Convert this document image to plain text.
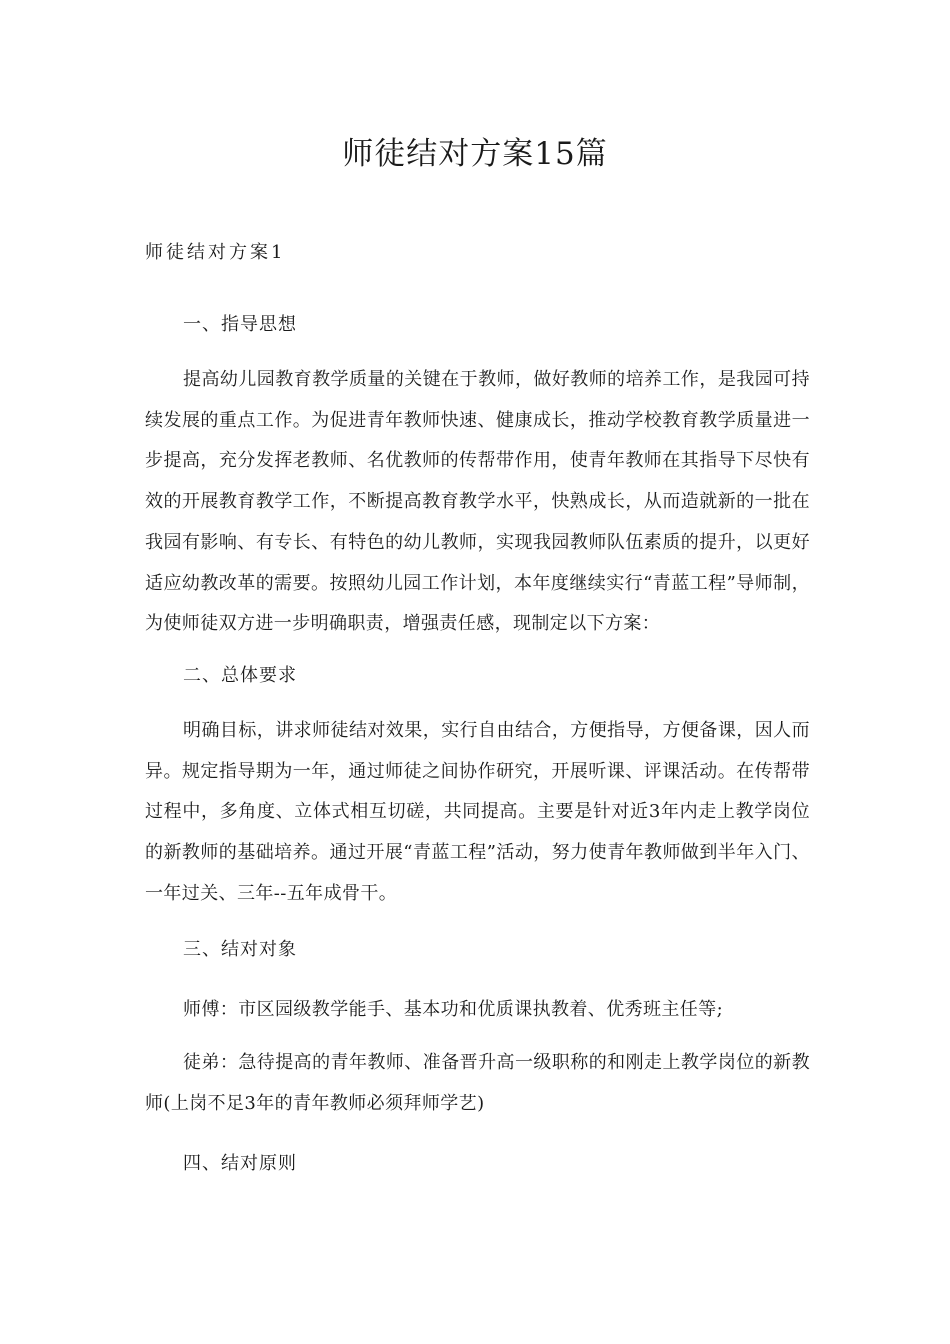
师徒结对方案15篇
师徒结对方案1
一、指导思想
提高幼儿园教育教学质量的关键在于教师，做好教师的培养工作，是我园可持续发展的重点工作。为促进青年教师快速、健康成长，推动学校教育教学质量进一步提高，充分发挥老教师、名优教师的传帮带作用，使青年教师在其指导下尽快有效的开展教育教学工作，不断提高教育教学水平，快熟成长，从而造就新的一批在我园有影响、有专长、有特色的幼儿教师，实现我园教师队伍素质的提升，以更好适应幼教改革的需要。按照幼儿园工作计划，本年度继续实行“青蓝工程”导师制，为使师徒双方进一步明确职责，增强责任感，现制定以下方案：
二、总体要求
明确目标，讲求师徒结对效果，实行自由结合，方便指导，方便备课，因人而异。规定指导期为一年，通过师徒之间协作研究，开展听课、评课活动。在传帮带过程中，多角度、立体式相互切磋，共同提高。主要是针对近3年内走上教学岗位的新教师的基础培养。通过开展“青蓝工程”活动，努力使青年教师做到半年入门、一年过关、三年--五年成骨干。
三、结对对象
师傅：市区园级教学能手、基本功和优质课执教着、优秀班主任等;
徒弟：急待提高的青年教师、准备晋升高一级职称的和刚走上教学岗位的新教师(上岗不足3年的青年教师必须拜师学艺)
四、结对原则
